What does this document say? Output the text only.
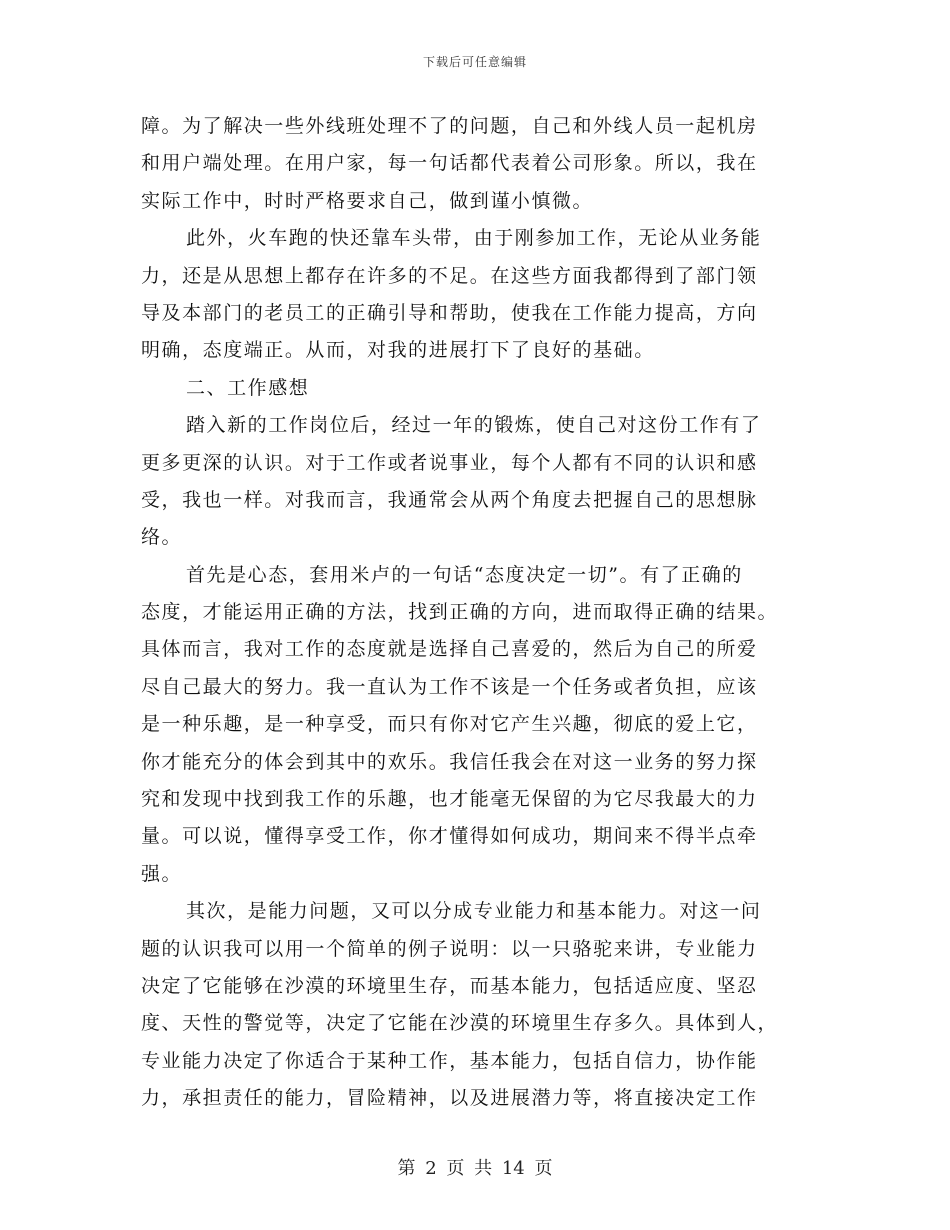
下载后可任意编辑
障。为了解决一些外线班处理不了的问题，自己和外线人员一起机房
和用户端处理。在用户家，每一句话都代表着公司形象。所以，我在
实际工作中，时时严格要求自己，做到谨小慎微。
此外，火车跑的快还靠车头带，由于刚参加工作，无论从业务能
力，还是从思想上都存在许多的不足。在这些方面我都得到了部门领
导及本部门的老员工的正确引导和帮助，使我在工作能力提高，方向
明确，态度端正。从而，对我的进展打下了良好的基础。
二、工作感想
踏入新的工作岗位后，经过一年的锻炼，使自己对这份工作有了
更多更深的认识。对于工作或者说事业，每个人都有不同的认识和感
受，我也一样。对我而言，我通常会从两个角度去把握自己的思想脉
络。
首先是心态，套用米卢的一句话“态度决定一切”。有了正确的
态度，才能运用正确的方法，找到正确的方向，进而取得正确的结果。
具体而言，我对工作的态度就是选择自己喜爱的，然后为自己的所爱
尽自己最大的努力。我一直认为工作不该是一个任务或者负担，应该
是一种乐趣，是一种享受，而只有你对它产生兴趣，彻底的爱上它，
你才能充分的体会到其中的欢乐。我信任我会在对这一业务的努力探
究和发现中找到我工作的乐趣，也才能毫无保留的为它尽我最大的力
量。可以说，懂得享受工作，你才懂得如何成功，期间来不得半点牵
强。
其次，是能力问题，又可以分成专业能力和基本能力。对这一问
题的认识我可以用一个简单的例子说明：以一只骆驼来讲，专业能力
决定了它能够在沙漠的环境里生存，而基本能力，包括适应度、坚忍
度、天性的警觉等，决定了它能在沙漠的环境里生存多久。具体到人，
专业能力决定了你适合于某种工作，基本能力，包括自信力，协作能
力，承担责任的能力，冒险精神，以及进展潜力等，将直接决定工作
第 2 页 共 14 页
